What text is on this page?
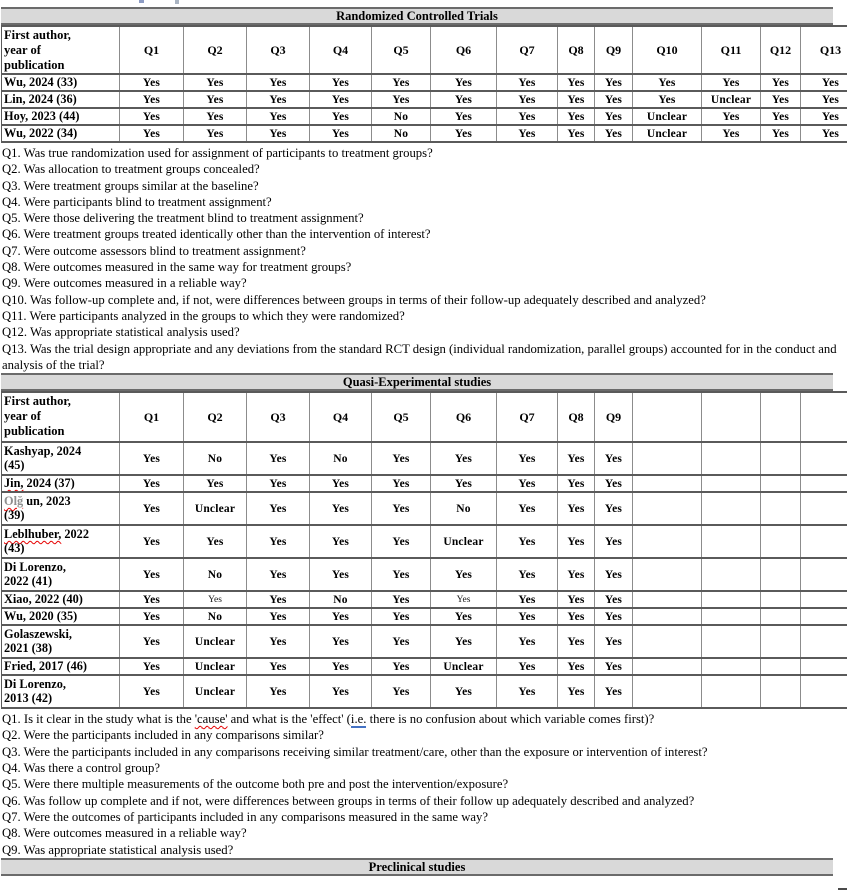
Randomized Controlled Trials
First author,
year of
publication	Q1	Q2	Q3	Q4	Q5	Q6	Q7	Q8	Q9	Q10	Q11	Q12	Q13

Wu, 2024 (33)	Yes	Yes	Yes	Yes	Yes	Yes	Yes	Yes	Yes	Yes	Yes	Yes	Yes

Lin, 2024 (36)	Yes	Yes	Yes	Yes	Yes	Yes	Yes	Yes	Yes	Yes	Unclear	Yes	Yes

Hoy, 2023 (44)	Yes	Yes	Yes	Yes	No	Yes	Yes	Yes	Yes	Unclear	Yes	Yes	Yes

Wu, 2022 (34)	Yes	Yes	Yes	Yes	No	Yes	Yes	Yes	Yes	Unclear	Yes	Yes	Yes
Q1. Was true randomization used for assignment of participants to treatment groups?
Q2. Was allocation to treatment groups concealed?
Q3. Were treatment groups similar at the baseline?
Q4. Were participants blind to treatment assignment?
Q5. Were those delivering the treatment blind to treatment assignment?
Q6. Were treatment groups treated identically other than the intervention of interest?
Q7. Were outcome assessors blind to treatment assignment?
Q8. Were outcomes measured in the same way for treatment groups?
Q9. Were outcomes measured in a reliable way?
Q10. Was follow-up complete and, if not, were differences between groups in terms of their follow-up adequately described and analyzed?
Q11. Were participants analyzed in the groups to which they were randomized?
Q12. Was appropriate statistical analysis used?
Q13. Was the trial design appropriate and any deviations from the standard RCT design (individual randomization, parallel groups) accounted for in the conduct and analysis of the trial?
Quasi-Experimental studies
First author,
year of
publication	Q1	Q2	Q3	Q4	Q5	Q6	Q7	Q8	Q9				

Kashyap, 2024
(45)	Yes	No	Yes	No	Yes	Yes	Yes	Yes	Yes				

Jin, 2024 (37)	Yes	Yes	Yes	Yes	Yes	Yes	Yes	Yes	Yes				

Olğ un, 2023
(39)	Yes	Unclear	Yes	Yes	Yes	No	Yes	Yes	Yes				

Leblhuber, 2022
(43)	Yes	Yes	Yes	Yes	Yes	Unclear	Yes	Yes	Yes				

Di Lorenzo,
2022 (41)	Yes	No	Yes	Yes	Yes	Yes	Yes	Yes	Yes				

Xiao, 2022 (40)	Yes	Yes	Yes	No	Yes	Yes	Yes	Yes	Yes				

Wu, 2020 (35)	Yes	No	Yes	Yes	Yes	Yes	Yes	Yes	Yes				

Golaszewski,
2021 (38)	Yes	Unclear	Yes	Yes	Yes	Yes	Yes	Yes	Yes				

Fried, 2017 (46)	Yes	Unclear	Yes	Yes	Yes	Unclear	Yes	Yes	Yes				

Di Lorenzo,
2013 (42)	Yes	Unclear	Yes	Yes	Yes	Yes	Yes	Yes	Yes				
Q1. Is it clear in the study what is the 'cause' and what is the 'effect' (i.e. there is no confusion about which variable comes first)?
Q2. Were the participants included in any comparisons similar?
Q3. Were the participants included in any comparisons receiving similar treatment/care, other than the exposure or intervention of interest?
Q4. Was there a control group?
Q5. Were there multiple measurements of the outcome both pre and post the intervention/exposure?
Q6. Was follow up complete and if not, were differences between groups in terms of their follow up adequately described and analyzed?
Q7. Were the outcomes of participants included in any comparisons measured in the same way?
Q8. Were outcomes measured in a reliable way?
Q9. Was appropriate statistical analysis used?
Preclinical studies
